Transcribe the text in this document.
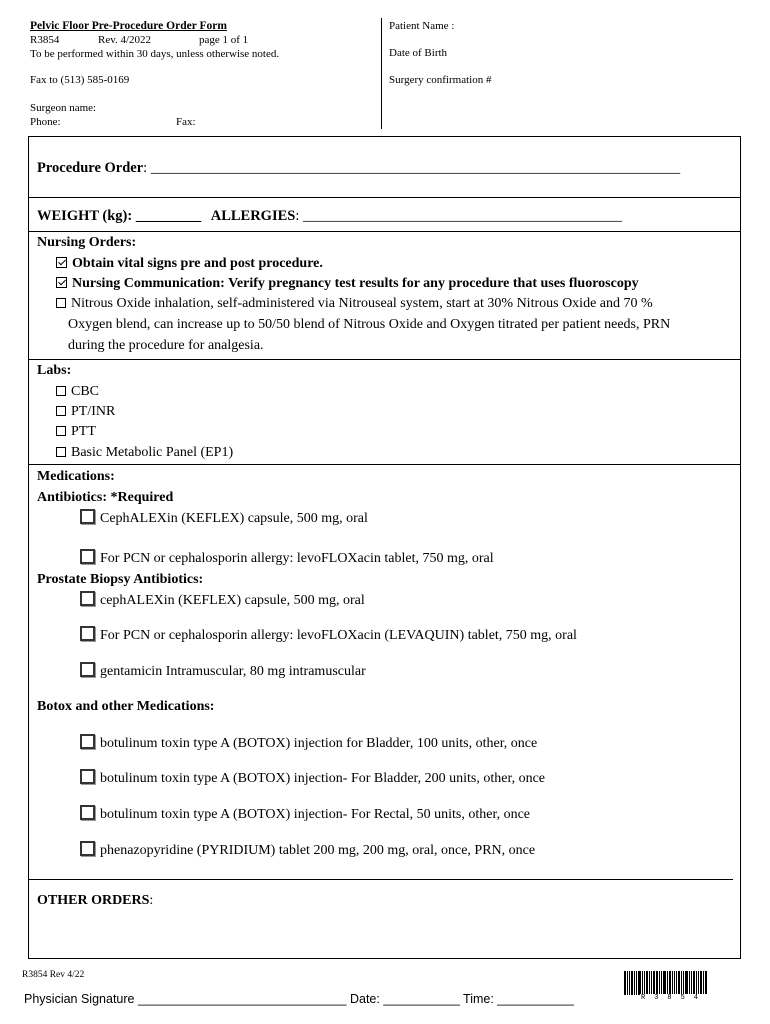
Pelvic Floor Pre-Procedure Order Form
R3854	Rev. 4/2022	page 1 of 1
To be performed within 30 days, unless otherwise noted.
Fax to (513) 585-0169
Surgeon name:
Phone:	Fax:
Patient Name :
Date of Birth
Surgery confirmation #
Procedure Order: _________________________________________________________________________
WEIGHT (kg): _________ ALLERGIES: ____________________________________________
Nursing Orders:
Obtain vital signs pre and post procedure.
Nursing Communication: Verify pregnancy test results for any procedure that uses fluoroscopy
Nitrous Oxide inhalation, self-administered via Nitrouseal system, start at 30% Nitrous Oxide and 70 %
Oxygen blend, can increase up to 50/50 blend of Nitrous Oxide and Oxygen titrated per patient needs, PRN
during the procedure for analgesia.
Labs:
CBC
PT/INR
PTT
Basic Metabolic Panel (EP1)
Medications:
Antibiotics: *Required
CephALEXin (KEFLEX) capsule, 500 mg, oral
For PCN or cephalosporin allergy: levoFLOXacin tablet, 750 mg, oral
Prostate Biopsy Antibiotics:
cephALEXin (KEFLEX) capsule, 500 mg, oral
For PCN or cephalosporin allergy: levoFLOXacin (LEVAQUIN) tablet, 750 mg, oral
gentamicin Intramuscular, 80 mg intramuscular
Botox and other Medications:
botulinum toxin type A (BOTOX) injection for Bladder, 100 units, other, once
botulinum toxin type A (BOTOX) injection- For Bladder, 200 units, other, once
botulinum toxin type A (BOTOX) injection- For Rectal, 50 units, other, once
phenazopyridine (PYRIDIUM) tablet 200 mg, 200 mg, oral, once, PRN, once
OTHER ORDERS:
R3854 Rev 4/22
Physician Signature ______________________________ Date: ___________ Time: ___________	R3854
